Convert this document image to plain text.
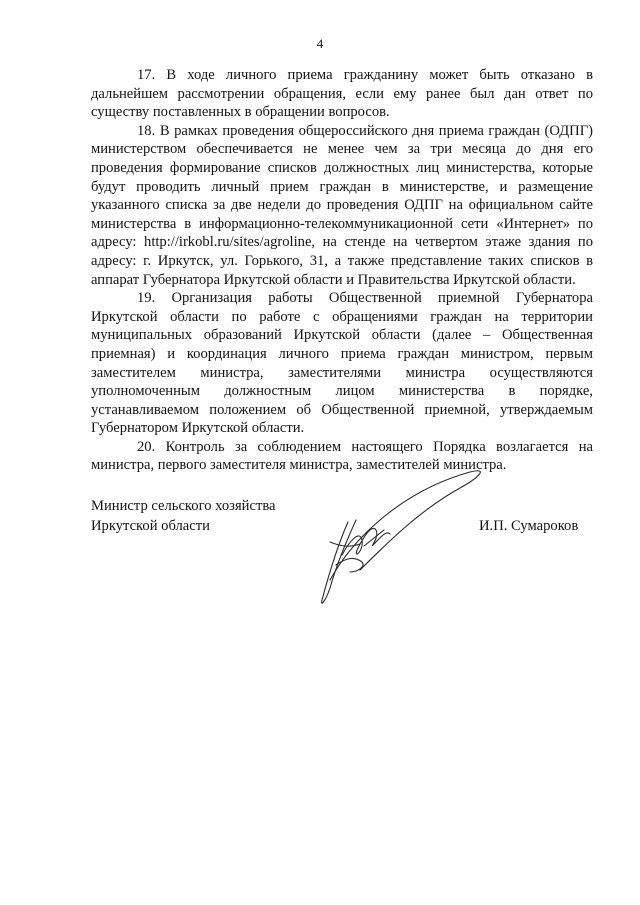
4

17. В ходе личного приема гражданину может быть отказано в дальнейшем рассмотрении обращения, если ему ранее был дан ответ по существу поставленных в обращении вопросов.

18. В рамках проведения общероссийского дня приема граждан (ОДПГ) министерством обеспечивается не менее чем за три месяца до дня его проведения формирование списков должностных лиц министерства, которые будут проводить личный прием граждан в министерстве, и размещение указанного списка за две недели до проведения ОДПГ на официальном сайте министерства в информационно-телекоммуникационной сети «Интернет» по адресу: http://irkobl.ru/sites/agroline, на стенде на четвертом этаже здания по адресу: г. Иркутск, ул. Горького, 31, а также представление таких списков в аппарат Губернатора Иркутской области и Правительства Иркутской области.

19. Организация работы Общественной приемной Губернатора Иркутской области по работе с обращениями граждан на территории муниципальных образований Иркутской области (далее – Общественная приемная) и координация личного приема граждан министром, первым заместителем министра, заместителями министра осуществляются уполномоченным должностным лицом министерства в порядке, устанавливаемом положением об Общественной приемной, утверждаемым Губернатором Иркутской области.

20. Контроль за соблюдением настоящего Порядка возлагается на министра, первого заместителя министра, заместителей министра.

Министр сельского хозяйства
Иркутской области	И.П. Сумароков
